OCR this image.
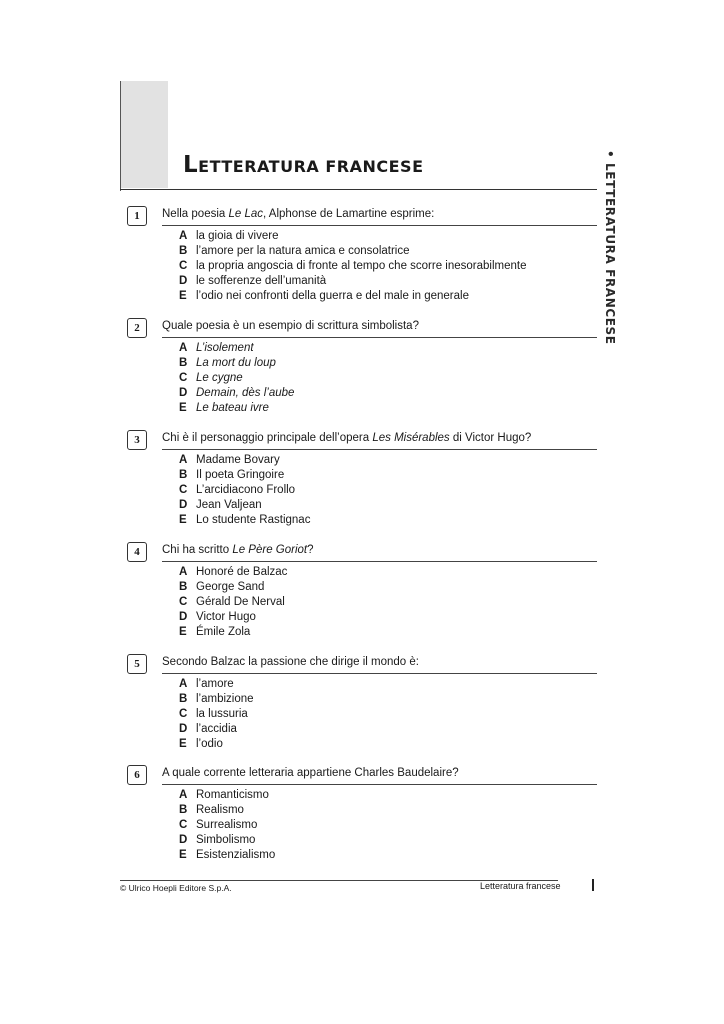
LETTERATURA FRANCESE	• LETTERATURA FRANCESE
1	Nella poesia Le Lac, Alphonse de Lamartine esprime:
A la gioia di vivere
B l’amore per la natura amica e consolatrice
C la propria angoscia di fronte al tempo che scorre inesorabilmente
D le sofferenze dell’umanità
E l’odio nei confronti della guerra e del male in generale
2	Quale poesia è un esempio di scrittura simbolista?
A L’isolement
B La mort du loup
C Le cygne
D Demain, dès l’aube
E Le bateau ivre
3	Chi è il personaggio principale dell’opera Les Misérables di Victor Hugo?
A Madame Bovary
B Il poeta Gringoire
C L’arcidiacono Frollo
D Jean Valjean
E Lo studente Rastignac
4	Chi ha scritto Le Père Goriot?
A Honoré de Balzac
B George Sand
C Gérald De Nerval
D Victor Hugo
E Émile Zola
5	Secondo Balzac la passione che dirige il mondo è:
A l’amore
B l’ambizione
C la lussuria
D l’accidia
E l’odio
6	A quale corrente letteraria appartiene Charles Baudelaire?
A Romanticismo
B Realismo
C Surrealismo
D Simbolismo
E Esistenzialismo
© Ulrico Hoepli Editore S.p.A.	Letteratura francese
